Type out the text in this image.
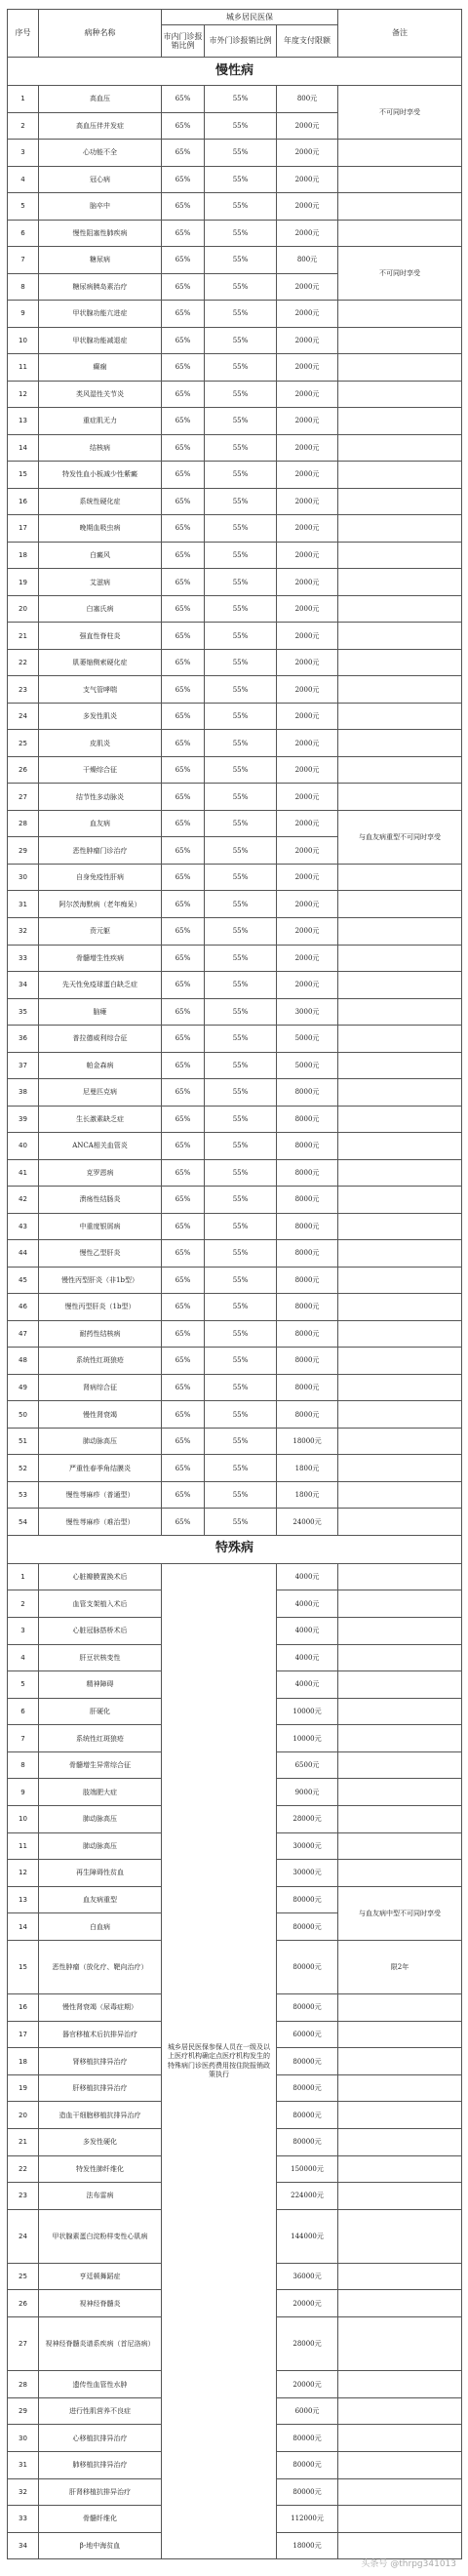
序号	病种名称	城乡居民医保			备注
		市内门诊报销比例	市外门诊报销比例	年度支付限额	
慢性病					
1	高血压	65%	55%	800元	不可同时享受
2	高血压伴并发症	65%	55%	2000元	
3	心功能不全	65%	55%	2000元	
4	冠心病	65%	55%	2000元	
5	脑卒中	65%	55%	2000元	
6	慢性阻塞性肺疾病	65%	55%	2000元	
7	糖尿病	65%	55%	800元	不可同时享受
8	糖尿病胰岛素治疗	65%	55%	2000元	
9	甲状腺功能亢进症	65%	55%	2000元	
10	甲状腺功能减退症	65%	55%	2000元	
11	癫痫	65%	55%	2000元	
12	类风湿性关节炎	65%	55%	2000元	
13	重症肌无力	65%	55%	2000元	
14	结核病	65%	55%	2000元	
15	特发性血小板减少性紫癜	65%	55%	2000元	
16	系统性硬化症	65%	55%	2000元	
17	晚期血吸虫病	65%	55%	2000元	
18	白癜风	65%	55%	2000元	
19	艾滋病	65%	55%	2000元	
20	白塞氏病	65%	55%	2000元	
21	强直性脊柱炎	65%	55%	2000元	
22	肌萎缩侧索硬化症	65%	55%	2000元	
23	支气管哮喘	65%	55%	2000元	
24	多发性肌炎	65%	55%	2000元	
25	皮肌炎	65%	55%	2000元	
26	干燥综合征	65%	55%	2000元	
27	结节性多动脉炎	65%	55%	2000元	
28	血友病	65%	55%	2000元	与血友病重型不可同时享受
29	恶性肿瘤门诊治疗	65%	55%	2000元	
30	自身免疫性肝病	65%	55%	2000元	
31	阿尔茨海默病（老年痴呆）	65%	55%	2000元	
32	贲元躯	65%	55%	2000元	
33	骨髓增生性疾病	65%	55%	2000元	
34	先天性免疫球蛋白缺乏症	65%	55%	2000元	
35	脑瘫	65%	55%	3000元	
36	普拉德威利综合征	65%	55%	5000元	
37	帕金森病	65%	55%	5000元	
38	尼曼匹克病	65%	55%	8000元	
39	生长激素缺乏症	65%	55%	8000元	
40	ANCA相关血管炎	65%	55%	8000元	
41	克罗恩病	65%	55%	8000元	
42	溃疡性结肠炎	65%	55%	8000元	
43	中重度银屑病	65%	55%	8000元	
44	慢性乙型肝炎	65%	55%	8000元	
45	慢性丙型肝炎（非1b型）	65%	55%	8000元	
46	慢性丙型肝炎（1b型）	65%	55%	8000元	
47	耐药性结核病	65%	55%	8000元	
48	系统性红斑狼疮	65%	55%	8000元	
49	肾病综合征	65%	55%	8000元	
50	慢性肾衰竭	65%	55%	8000元	
51	肺动脉高压	65%	55%	18000元	
52	严重性春季角结膜炎	65%	55%	1800元	
53	慢性荨麻疹（普通型）	65%	55%	1800元	
54	慢性荨麻疹（难治型）	65%	55%	24000元	
特殊病					
1	心脏瓣膜置换术后	城乡居民医保参保人员在一级及以上医疗机构确定点医疗机构发生的特殊病门诊医药费用按住院报销政策执行		4000元	
2	血管支架植入术后			4000元	
3	心脏冠脉搭桥术后			4000元	
4	肝豆状核变性			4000元	
5	精神障碍			4000元	
6	肝硬化			10000元	
7	系统性红斑狼疮			10000元	
8	骨髓增生异常综合征			6500元	
9	肢端肥大症			9000元	
10	肺动脉高压			28000元	
11	肺动脉高压			30000元	
12	再生障碍性贫血			30000元	
13	血友病重型			80000元	与血友病中型不可同时享受
14	白血病			80000元	
15	恶性肿瘤（放化疗、靶向治疗）			80000元	限2年
16	慢性肾衰竭（尿毒症期）			80000元	
17	器官移植术后抗排异治疗			60000元	
18	肾移植抗排异治疗			80000元	
19	肝移植抗排异治疗			80000元	
20	造血干细胞移植抗排异治疗			80000元	
21	多发性硬化			80000元	
22	特发性肺纤维化			150000元	
23	法布雷病			224000元	
24	甲状腺素蛋白淀粉样变性心肌病			144000元	
25	亨廷顿舞蹈症			36000元	
26	视神经脊髓炎			20000元	
27	视神经脊髓炎谱系疾病（首尼洛病）			28000元	
28	遗传性血管性水肿			20000元	
29	进行性肌营养不良症			6000元	
30	心移植抗排异治疗			80000元	
31	肺移植抗排异治疗			80000元	
32	肝肾移植抗排异治疗			80000元	
33	骨髓纤维化			112000元	
34	β-地中海贫血			18000元	
头条号 @thrpg341013
